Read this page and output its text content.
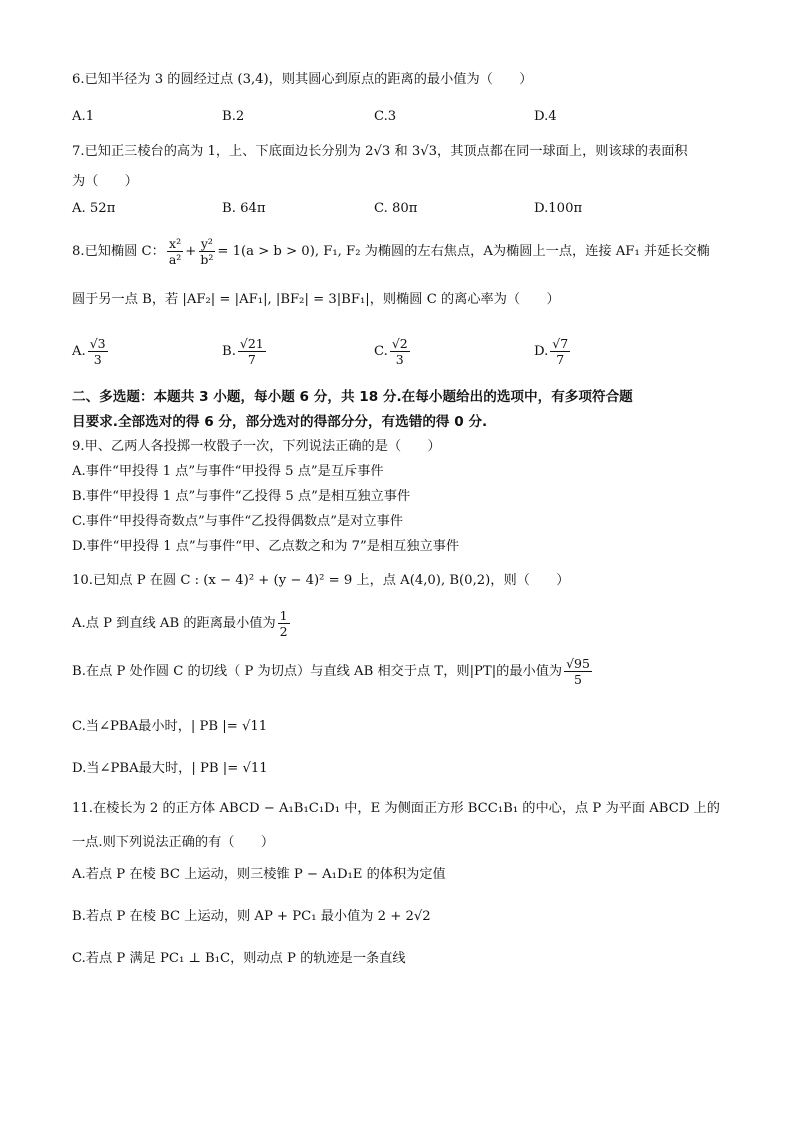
6.已知半径为 3 的圆经过点 (3,4)，则其圆心到原点的距离的最小值为（　　）
A.1	B.2	C.3	D.4
7.已知正三棱台的高为 1，上、下底面边长分别为 2√3 和 3√3，其顶点都在同一球面上，则该球的表面积
为（　　）
A. 52π	B. 64π	C. 80π	D.100π
8.已知椭圆 C： $\frac{\text{x²}}{\text{a²}} + \frac{\text{y²}}{\text{b²}} = 1(a > b > 0)$, F₁, F₂ 为椭圆的左右焦点，A为椭圆上一点，连接 AF₁ 并延长交椭
圆于另一点 B，若 |AF₂| = |AF₁|, |BF₂| = 3|BF₁|，则椭圆 C 的离心率为（　　）
A. $\frac{√3}{3}$	B. $\frac{√21}{7}$	C. $\frac{√2}{3}$	D. $\frac{√7}{7}$
二、多选题：本题共 3 小题，每小题 6 分，共 18 分.在每小题给出的选项中，有多项符合题
目要求.全部选对的得 6 分，部分选对的得部分分，有选错的得 0 分.
9.甲、乙两人各投掷一枚骰子一次，下列说法正确的是（　　）
A.事件“甲投得 1 点”与事件“甲投得 5 点”是互斥事件
B.事件“甲投得 1 点”与事件“乙投得 5 点”是相互独立事件
C.事件“甲投得奇数点”与事件“乙投得偶数点”是对立事件
D.事件“甲投得 1 点”与事件“甲、乙点数之和为 7”是相互独立事件
10.已知点 P 在圆 C : (x − 4)² + (y − 4)² = 9 上，点 A(4,0), B(0,2)，则（　　）
A.点 P 到直线 AB 的距离最小值为 $\frac{1}{2}$
B.在点 P 处作圆 C 的切线（ P 为切点）与直线 AB 相交于点 T，则|PT|的最小值为 $\frac{√95}{5}$
C.当∠PBA最小时，| PB |= √11
D.当∠PBA最大时，| PB |= √11
11.在棱长为 2 的正方体 ABCD − A₁B₁C₁D₁ 中，E 为侧面正方形 BCC₁B₁ 的中心，点 P 为平面 ABCD 上的
一点.则下列说法正确的有（　　）
A.若点 P 在棱 BC 上运动，则三棱锥 P − A₁D₁E 的体积为定值
B.若点 P 在棱 BC 上运动，则 AP + PC₁ 最小值为 2 + 2√2
C.若点 P 满足 PC₁ ⊥ B₁C，则动点 P 的轨迹是一条直线
